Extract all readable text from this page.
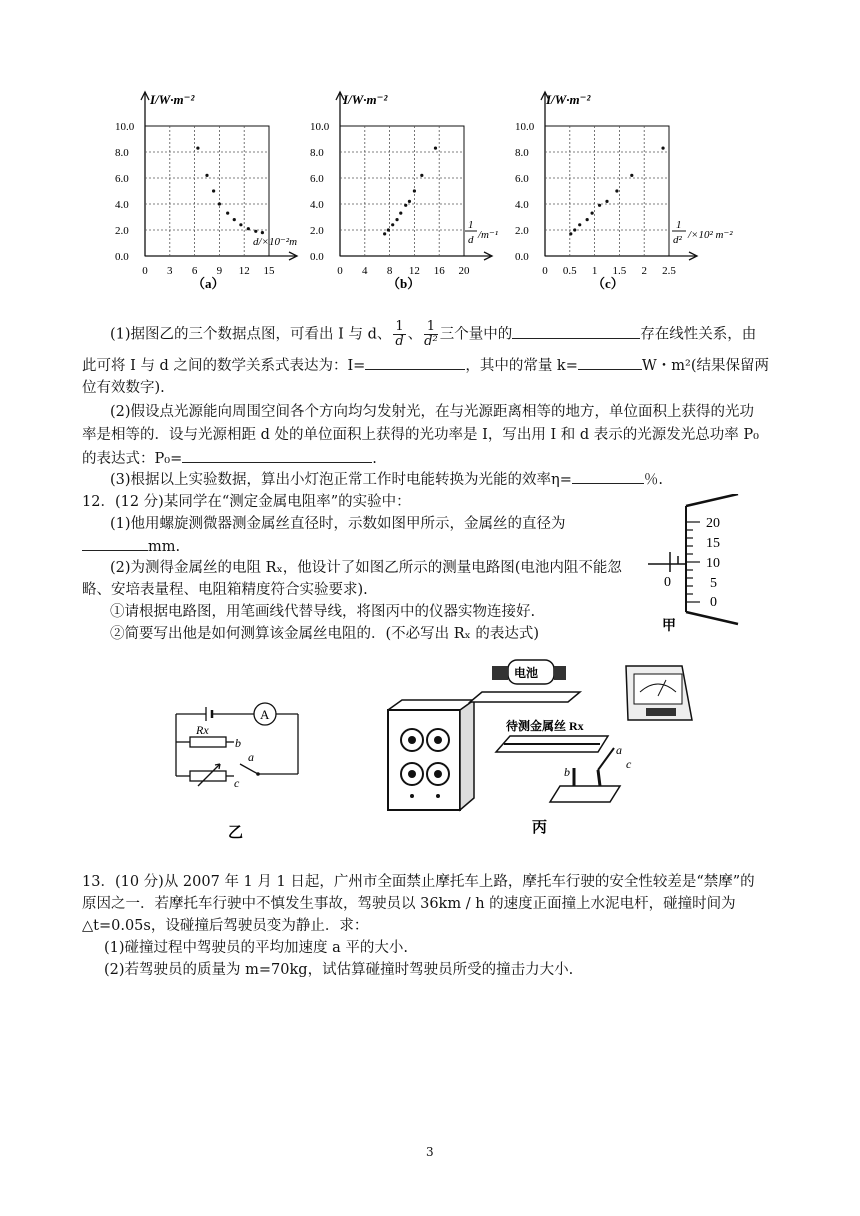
I/W·m⁻²
10.0
8.0
6.0
4.0
2.0
0.0
0 3 6 9 12 15
d/×10⁻²m
（a）
I/W·m⁻²
10.0
8.0
6.0
4.0
2.0
0.0
0 4 8 12 16 20
1
d /m⁻¹
（b）
I/W·m⁻²
10.0
8.0
6.0
4.0
2.0
0.0
0 0.5 1 1.5 2 2.5
1
d² /×10² m⁻²
（c）
(1)据图乙的三个数据点图，可看出 I 与 d、 $\frac{1}{d}$ 、 $\frac{1}{\text{d²}}$ 三个量中的	存在线性关系，由
此可将 I 与 d 之间的数学关系式表达为：I=	，其中的常量 k=	W・m²(结果保留两
位有效数字).
(2)假设点光源能向周围空间各个方向均匀发射光，在与光源距离相等的地方，单位面积上获得的光功
率是相等的．设与光源相距 d 处的单位面积上获得的光功率是 I，写出用 I 和 d 表示的光源发光总功率 P₀
的表达式：P₀=	.
(3)根据以上实验数据，算出小灯泡正常工作时电能转换为光能的效率η=	％.
12．(12 分)某同学在“测定金属电阻率”的实验中：
(1)他用螺旋测微器测金属丝直径时，示数如图甲所示，金属丝的直径为
mm.
(2)为测得金属丝的电阻 Rₓ，他设计了如图乙所示的测量电路图(电池内阻不能忽
略、安培表量程、电阻箱精度符合实验要求).
①请根据电路图，用笔画线代替导线，将图丙中的仪器实物连接好.
②简要写出他是如何测算该金属丝电阻的．(不必写出 Rₓ 的表达式)
20
15
10
5
0
0
甲
A
Rx
b
a
c
乙
电池
待测金属丝 Rx
a
b
c
丙
13．(10 分)从 2007 年 1 月 1 日起，广州市全面禁止摩托车上路，摩托车行驶的安全性较差是“禁摩”的
原因之一．若摩托车行驶中不慎发生事故，驾驶员以 36km / h 的速度正面撞上水泥电杆，碰撞时间为
△t=0.05s，设碰撞后驾驶员变为静止．求：
(1)碰撞过程中驾驶员的平均加速度 a 平的大小.
(2)若驾驶员的质量为 m=70kg，试估算碰撞时驾驶员所受的撞击力大小.
3
